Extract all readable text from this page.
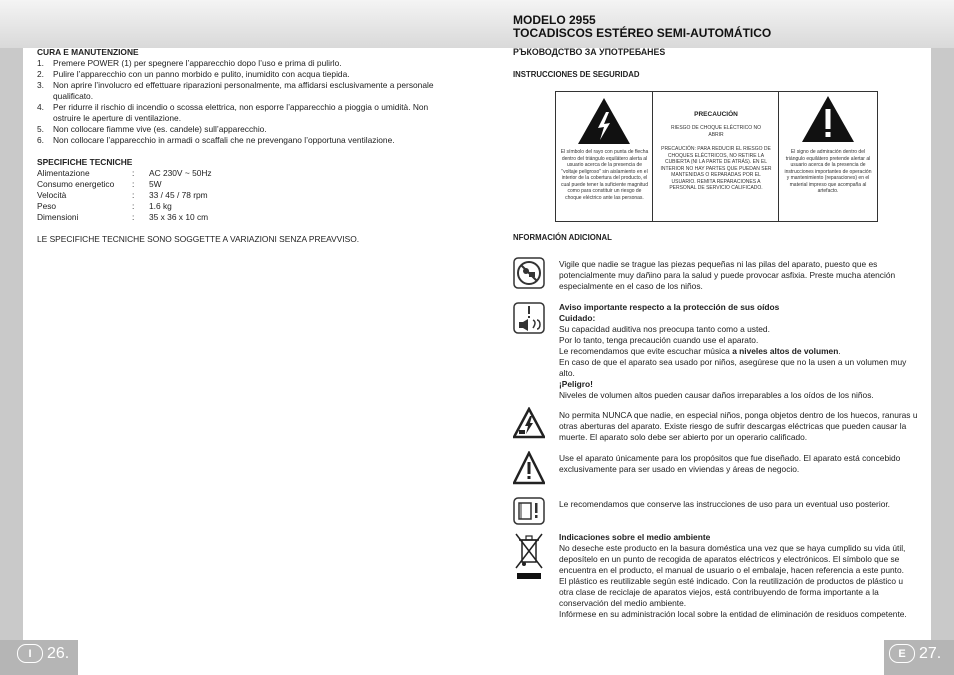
I 26.	E 27.
CURA E MANUTENZIONE
1.	Premere POWER (1) per spegnere l’apparecchio dopo l’uso e prima di pulirlo.
2.	Pulire l’apparecchio con un panno morbido e pulito, inumidito con acqua tiepida.
3.	Non aprire l’involucro ed effettuare riparazioni personalmente, ma affidarsi esclusivamente a personale qualificato.
4.	Per ridurre il rischio di incendio o scossa elettrica, non esporre l’apparecchio a pioggia o umidità. Non ostruire le aperture di ventilazione.
5.	Non collocare fiamme vive (es. candele) sull’apparecchio.
6.	Non collocare l’apparecchio in armadi o scaffali che ne prevengano l’opportuna ventilazione.
SPECIFICHE TECNICHE
Alimentazione	:	AC 230V ~ 50Hz
Consumo energetico	:	5W
Velocità	:	33 / 45 / 78 rpm
Peso	:	1.6 kg
Dimensioni	:	35 x 36 x 10 cm
LE SPECIFICHE TECNICHE SONO SOGGETTE A VARIAZIONI SENZA PREAVVISO.
MODELO 2955
TOCADISCOS ESTÉREO SEMI-AUTOMÁTICO
РЪКОВОДСТВО ЗА УПОТРЕБАНЕS
INSTRUCCIONES DE SEGURIDAD
El símbolo del rayo con punta de flecha dentro del triángulo equilátero alerta al usuario acerca de la presencia de "voltaje peligroso" sin aislamiento en el interior de la cobertura del producto, el cual puede tener la suficiente magnitud como para constituir un riesgo de choque eléctrico ante las personas.
PRECAUCIÓN
RIESGO DE CHOQUE ELÉCTRICO NO ABRIR
PRECAUCIÓN: PARA REDUCIR EL RIESGO DE CHOQUES ELÉCTRICOS, NO RETIRE LA CUBIERTA (NI LA PARTE DE ATRÁS). EN EL INTERIOR NO HAY PARTES QUE PUEDAN SER MANTENIDAS O REPARADAS POR EL USUARIO. REMITA REPARACIONES A PERSONAL DE SERVICIO CALIFICADO.
El signo de admiración dentro del triángulo equilátero pretende alertar al usuario acerca de la presencia de instrucciones importantes de operación y mantenimiento (reparaciones) en el material impreso que acompaña al artefacto.
NFORMACIÓN ADICIONAL
Vigile que nadie se trague las piezas pequeñas ni las pilas del aparato, puesto que es potencialmente muy dañino para la salud y puede provocar asfixia. Preste mucha atención especialmente en el caso de los niños.
Aviso importante respecto a la protección de sus oídos
Cuidado:
Su capacidad auditiva nos preocupa tanto como a usted.
Por lo tanto, tenga precaución cuando use el aparato.
Le recomendamos que evite escuchar música a niveles altos de volumen.
En caso de que el aparato sea usado por niños, asegúrese que no la usen a un volumen muy alto.
¡Peligro!
Niveles de volumen altos pueden causar daños irreparables a los oídos de los niños.
No permita NUNCA que nadie, en especial niños, ponga objetos dentro de los huecos, ranuras u otras aberturas del aparato. Existe riesgo de sufrir descargas eléctricas que pueden causar la muerte. El aparato solo debe ser abierto por un operario calificado.
Use el aparato únicamente para los propósitos que fue diseñado. El aparato está concebido exclusivamente para ser usado en viviendas y áreas de negocio.
Le recomendamos que conserve las instrucciones de uso para un eventual uso posterior.
Indicaciones sobre el medio ambiente
No deseche este producto en la basura doméstica una vez que se haya cumplido su vida útil, deposítelo en un punto de recogida de aparatos eléctricos y electrónicos. El símbolo que se encuentra en el producto, el manual de usuario o el embalaje, hacen referencia a este punto.
El plástico es reutilizable según esté indicado. Con la reutilización de productos de plástico u otra clase de reciclaje de aparatos viejos, está contribuyendo de forma importante a la conservación del medio ambiente.
Infórmese en su administración local sobre la entidad de eliminación de residuos competente.
